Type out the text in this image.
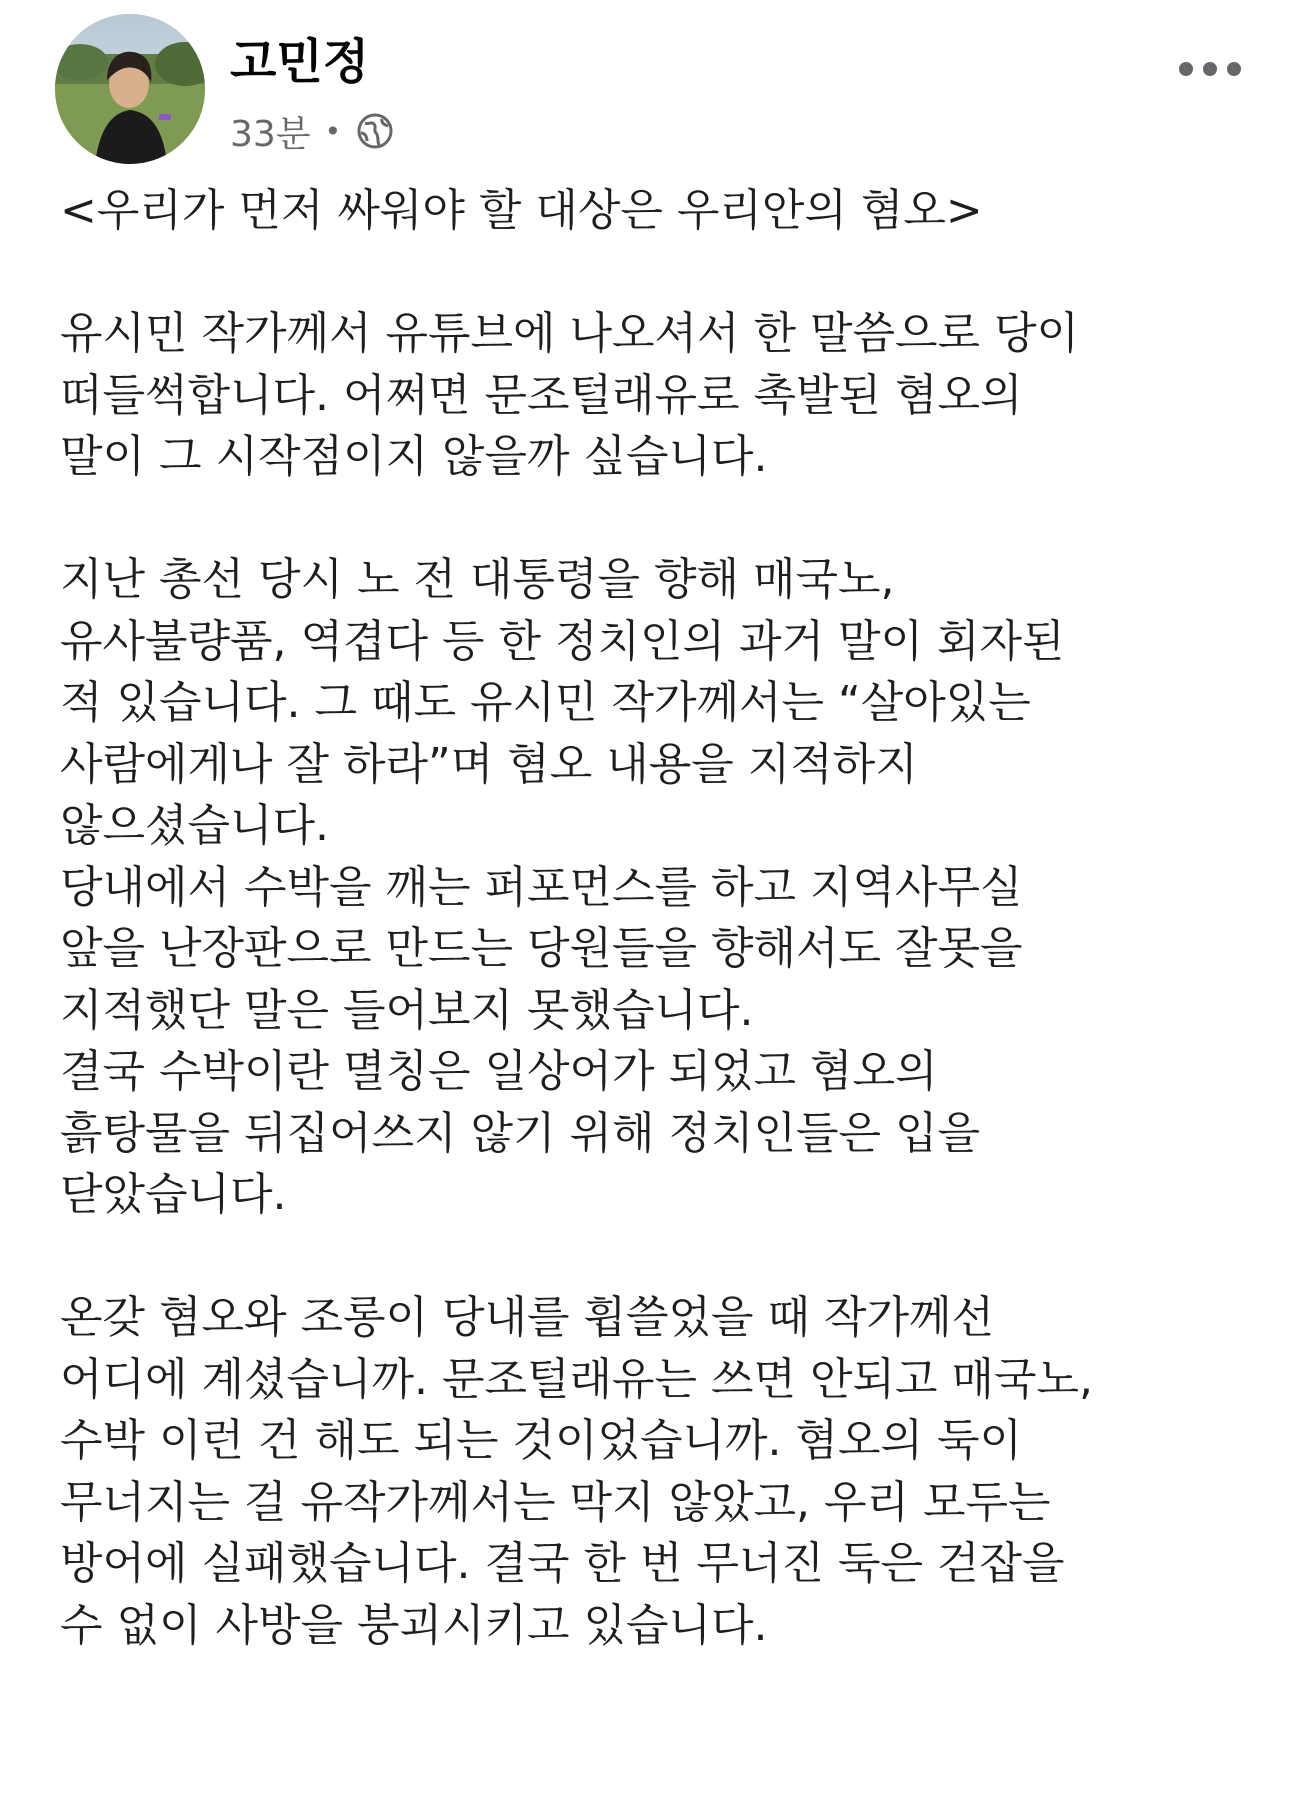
고민정
33분 •
<우리가 먼저 싸워야 할 대상은 우리안의 혐오>
유시민 작가께서 유튜브에 나오셔서 한 말씀으로 당이
떠들썩합니다. 어쩌면 문조털래유로 촉발된 혐오의
말이 그 시작점이지 않을까 싶습니다.
지난 총선 당시 노 전 대통령을 향해 매국노,
유사불량품, 역겹다 등 한 정치인의 과거 말이 회자된
적 있습니다. 그 때도 유시민 작가께서는 “살아있는
사람에게나 잘 하라”며 혐오 내용을 지적하지
않으셨습니다.
당내에서 수박을 깨는 퍼포먼스를 하고 지역사무실
앞을 난장판으로 만드는 당원들을 향해서도 잘못을
지적했단 말은 들어보지 못했습니다.
결국 수박이란 멸칭은 일상어가 되었고 혐오의
흙탕물을 뒤집어쓰지 않기 위해 정치인들은 입을
닫았습니다.
온갖 혐오와 조롱이 당내를 휩쓸었을 때 작가께선
어디에 계셨습니까. 문조털래유는 쓰면 안되고 매국노,
수박 이런 건 해도 되는 것이었습니까. 혐오의 둑이
무너지는 걸 유작가께서는 막지 않았고, 우리 모두는
방어에 실패했습니다. 결국 한 번 무너진 둑은 걷잡을
수 없이 사방을 붕괴시키고 있습니다.
